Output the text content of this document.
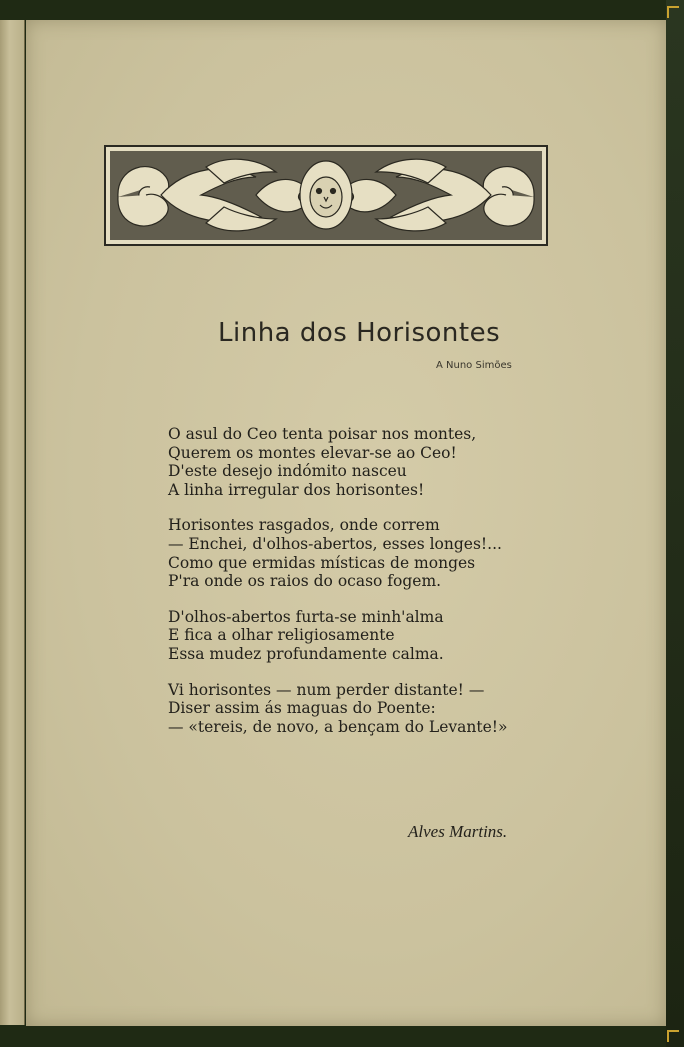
Linha dos Horisontes
A Nuno Simões
O asul do Ceo tenta poisar nos montes,
Querem os montes elevar-se ao Ceo!
D'este desejo indómito nasceu
A linha irregular dos horisontes!
Horisontes rasgados, onde correm
— Enchei, d'olhos-abertos, esses longes!...
Como que ermidas místicas de monges
P'ra onde os raios do ocaso fogem.
D'olhos-abertos furta-se minh'alma
E fica a olhar religiosamente
Essa mudez profundamente calma.
Vi horisontes — num perder distante! —
Diser assim ás maguas do Poente:
— «tereis, de novo, a bençam do Levante!»
Alves Martins.
